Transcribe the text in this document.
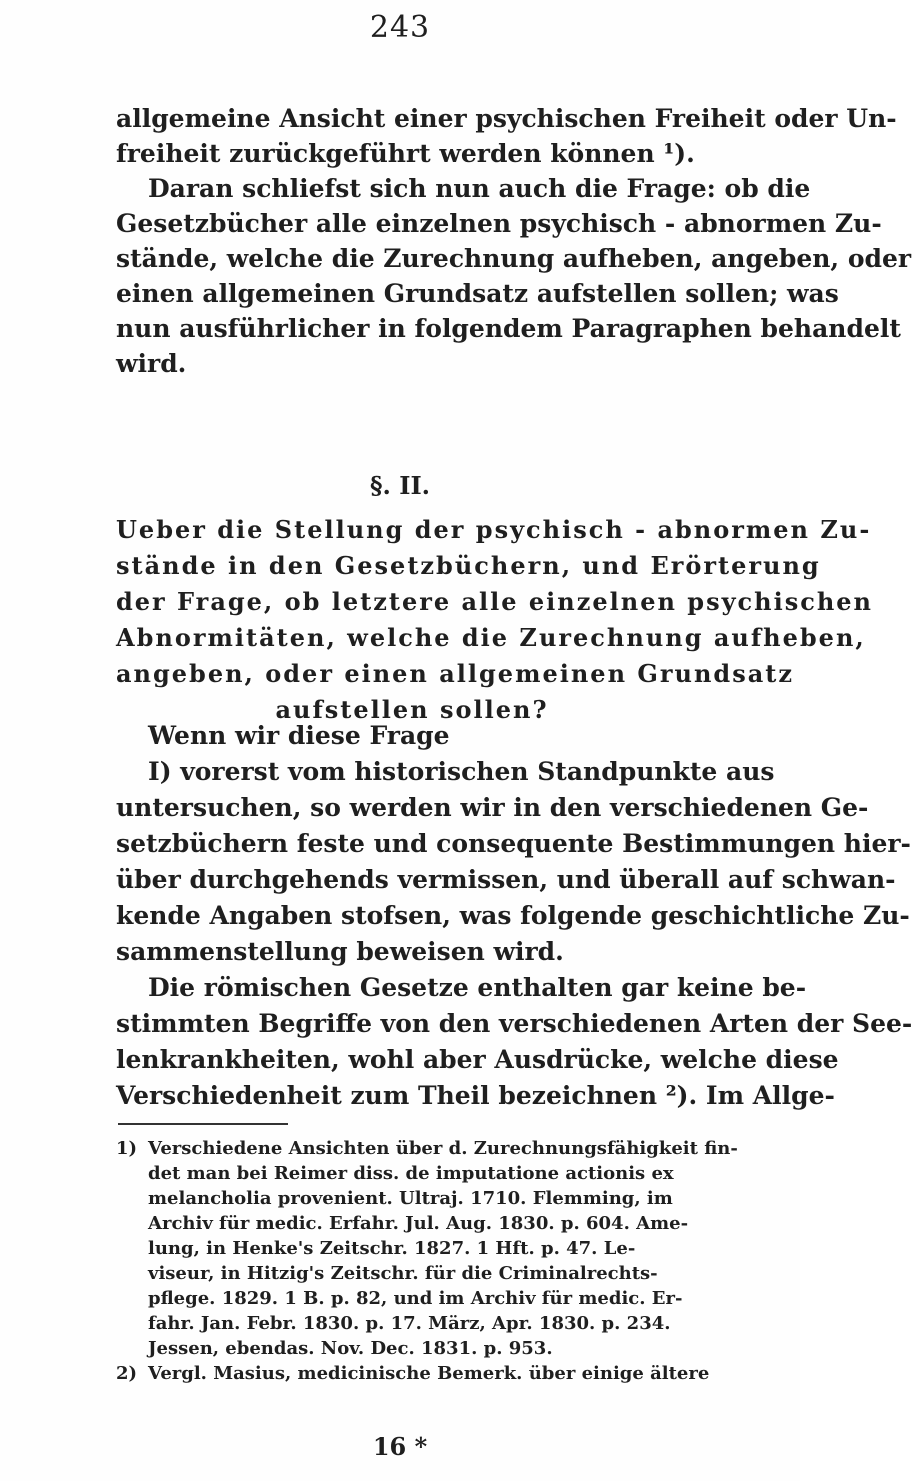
243
allgemeine Ansicht einer psychischen Freiheit oder Un-
freiheit zurückgeführt werden können ¹).
Daran schliefst sich nun auch die Frage: ob die
Gesetzbücher alle einzelnen psychisch - abnormen Zu-
stände, welche die Zurechnung aufheben, angeben, oder
einen allgemeinen Grundsatz aufstellen sollen; was
nun ausführlicher in folgendem Paragraphen behandelt
wird.
§. II.
Ueber die Stellung der psychisch - abnormen Zu-
stände in den Gesetzbüchern, und Erörterung
der Frage, ob letztere alle einzelnen psychischen
Abnormitäten, welche die Zurechnung aufheben,
angeben, oder einen allgemeinen Grundsatz
aufstellen sollen?
Wenn wir diese Frage
I) vorerst vom historischen Standpunkte aus
untersuchen, so werden wir in den verschiedenen Ge-
setzbüchern feste und consequente Bestimmungen hier-
über durchgehends vermissen, und überall auf schwan-
kende Angaben stofsen, was folgende geschichtliche Zu-
sammenstellung beweisen wird.
Die römischen Gesetze enthalten gar keine be-
stimmten Begriffe von den verschiedenen Arten der See-
lenkrankheiten, wohl aber Ausdrücke, welche diese
Verschiedenheit zum Theil bezeichnen ²). Im Allge-
1) Verschiedene Ansichten über d. Zurechnungsfähigkeit fin-
det man bei Reimer diss. de imputatione actionis ex
melancholia provenient. Ultraj. 1710. Flemming, im
Archiv für medic. Erfahr. Jul. Aug. 1830. p. 604. Ame-
lung, in Henke's Zeitschr. 1827. 1 Hft. p. 47. Le-
viseur, in Hitzig's Zeitschr. für die Criminalrechts-
pflege. 1829. 1 B. p. 82, und im Archiv für medic. Er-
fahr. Jan. Febr. 1830. p. 17. März, Apr. 1830. p. 234.
Jessen, ebendas. Nov. Dec. 1831. p. 953.
2) Vergl. Masius, medicinische Bemerk. über einige ältere
16 *
